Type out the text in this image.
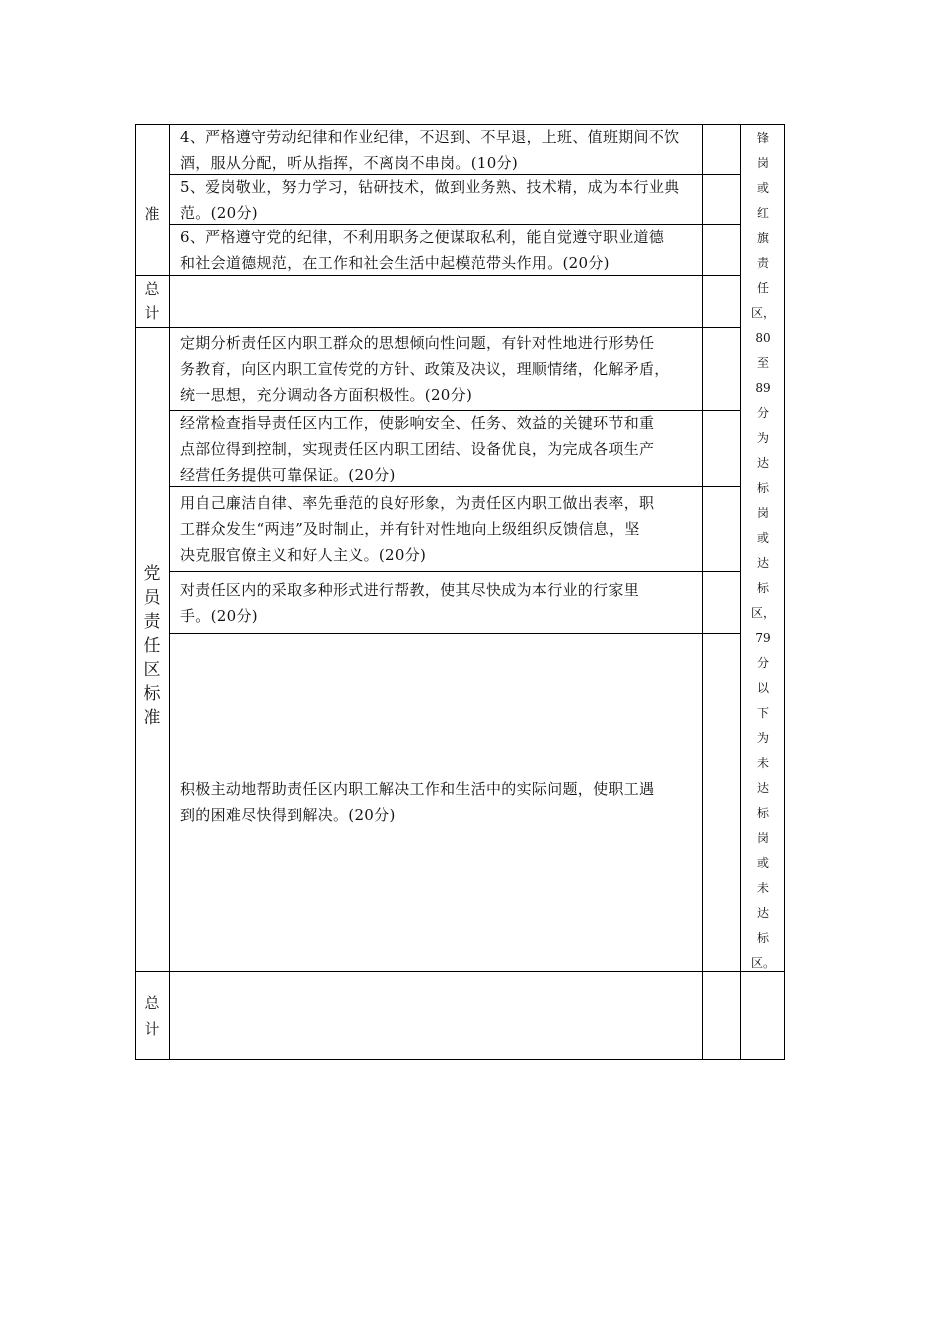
准
总
计
党
员
责
任
区
标
准
总
计
4、严格遵守劳动纪律和作业纪律，不迟到、不早退，上班、值班期间不饮
酒，服从分配，听从指挥，不离岗不串岗。(10分)
5、爱岗敬业，努力学习，钻研技术，做到业务熟、技术精，成为本行业典
范。(20分)
6、严格遵守党的纪律，不利用职务之便谋取私利，能自觉遵守职业道德
和社会道德规范，在工作和社会生活中起模范带头作用。(20分)
定期分析责任区内职工群众的思想倾向性问题，有针对性地进行形势任
务教育，向区内职工宣传党的方针、政策及决议，理顺情绪，化解矛盾，
统一思想，充分调动各方面积极性。(20分)
经常检查指导责任区内工作，使影响安全、任务、效益的关键环节和重
点部位得到控制，实现责任区内职工团结、设备优良，为完成各项生产
经营任务提供可靠保证。(20分)
用自己廉洁自律、率先垂范的良好形象，为责任区内职工做出表率，职
工群众发生“两违”及时制止，并有针对性地向上级组织反馈信息，坚
决克服官僚主义和好人主义。(20分)
对责任区内的采取多种形式进行帮教，使其尽快成为本行业的行家里
手。(20分)
积极主动地帮助责任区内职工解决工作和生活中的实际问题，使职工遇
到的困难尽快得到解决。(20分)
锋
岗
或
红
旗
责
任
区，
80
至
89
分
为
达
标
岗
或
达
标
区，
79
分
以
下
为
未
达
标
岗
或
未
达
标
区。
